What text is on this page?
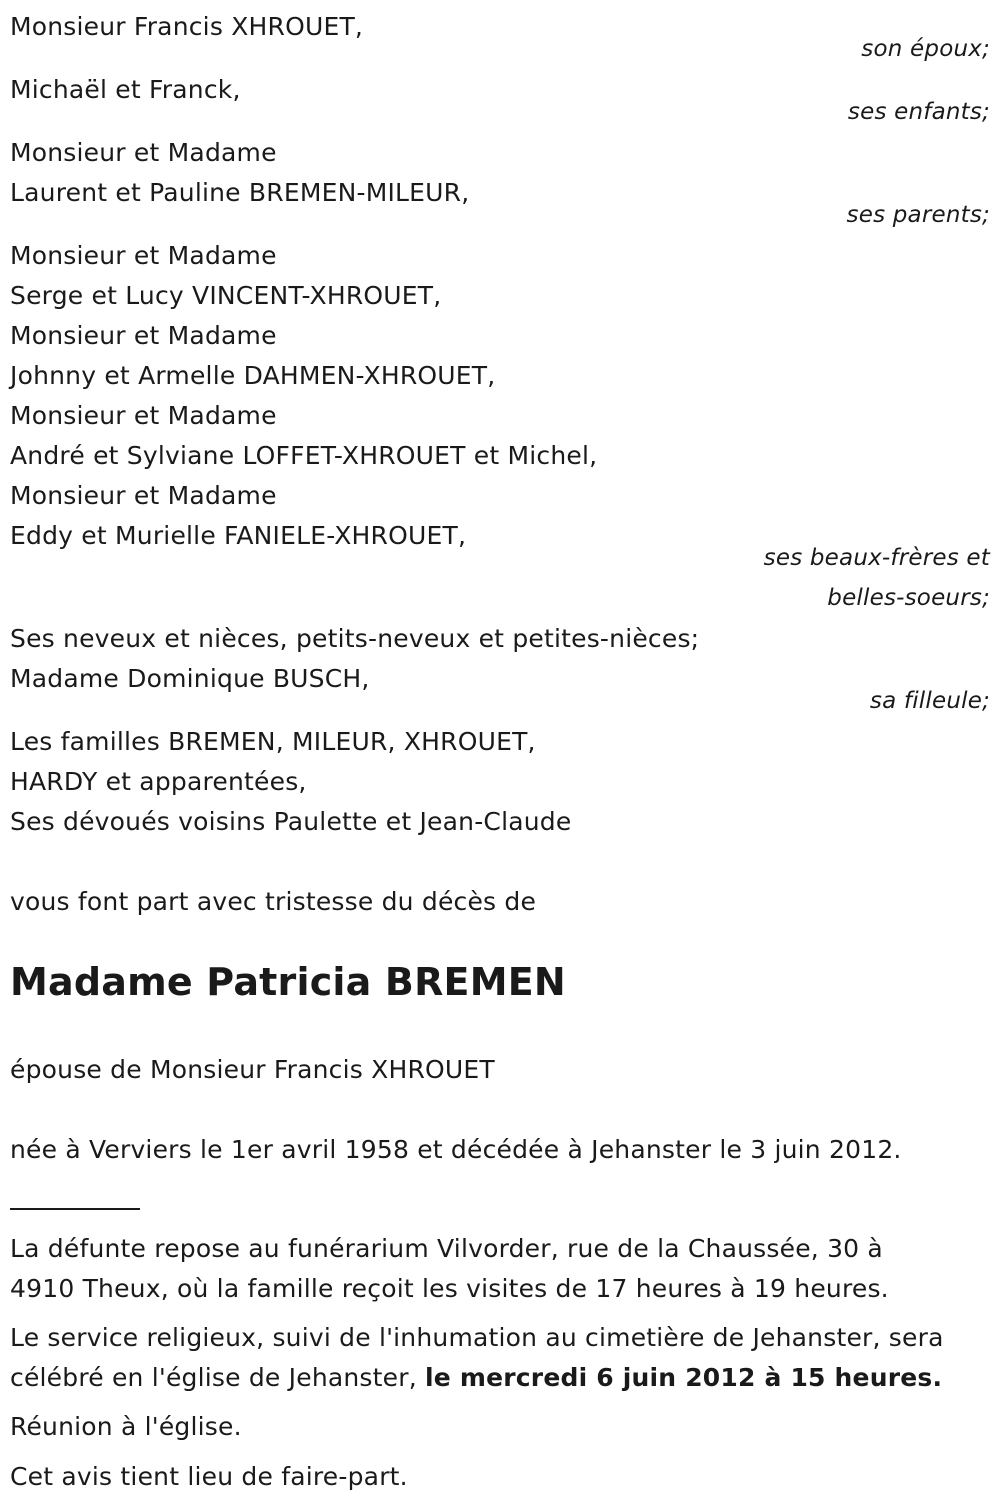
Monsieur Francis XHROUET,
son époux;
Michaël et Franck,
ses enfants;
Monsieur et Madame
Laurent et Pauline BREMEN-MILEUR,
ses parents;
Monsieur et Madame
Serge et Lucy VINCENT-XHROUET,
Monsieur et Madame
Johnny et Armelle DAHMEN-XHROUET,
Monsieur et Madame
André et Sylviane LOFFET-XHROUET et Michel,
Monsieur et Madame
Eddy et Murielle FANIELE-XHROUET,
ses beaux-frères et
belles-soeurs;
Ses neveux et nièces, petits-neveux et petites-nièces;
Madame Dominique BUSCH,
sa filleule;
Les familles BREMEN, MILEUR, XHROUET,
HARDY et apparentées,
Ses dévoués voisins Paulette et Jean-Claude
vous font part avec tristesse du décès de
Madame Patricia BREMEN
épouse de Monsieur Francis XHROUET
née à Verviers le 1er avril 1958 et décédée à Jehanster le 3 juin 2012.
La défunte repose au funérarium Vilvorder, rue de la Chaussée, 30 à
4910 Theux, où la famille reçoit les visites de 17 heures à 19 heures.
Le service religieux, suivi de l'inhumation au cimetière de Jehanster, sera
célébré en l'église de Jehanster, le mercredi 6 juin 2012 à 15 heures.
Réunion à l'église.
Cet avis tient lieu de faire-part.
